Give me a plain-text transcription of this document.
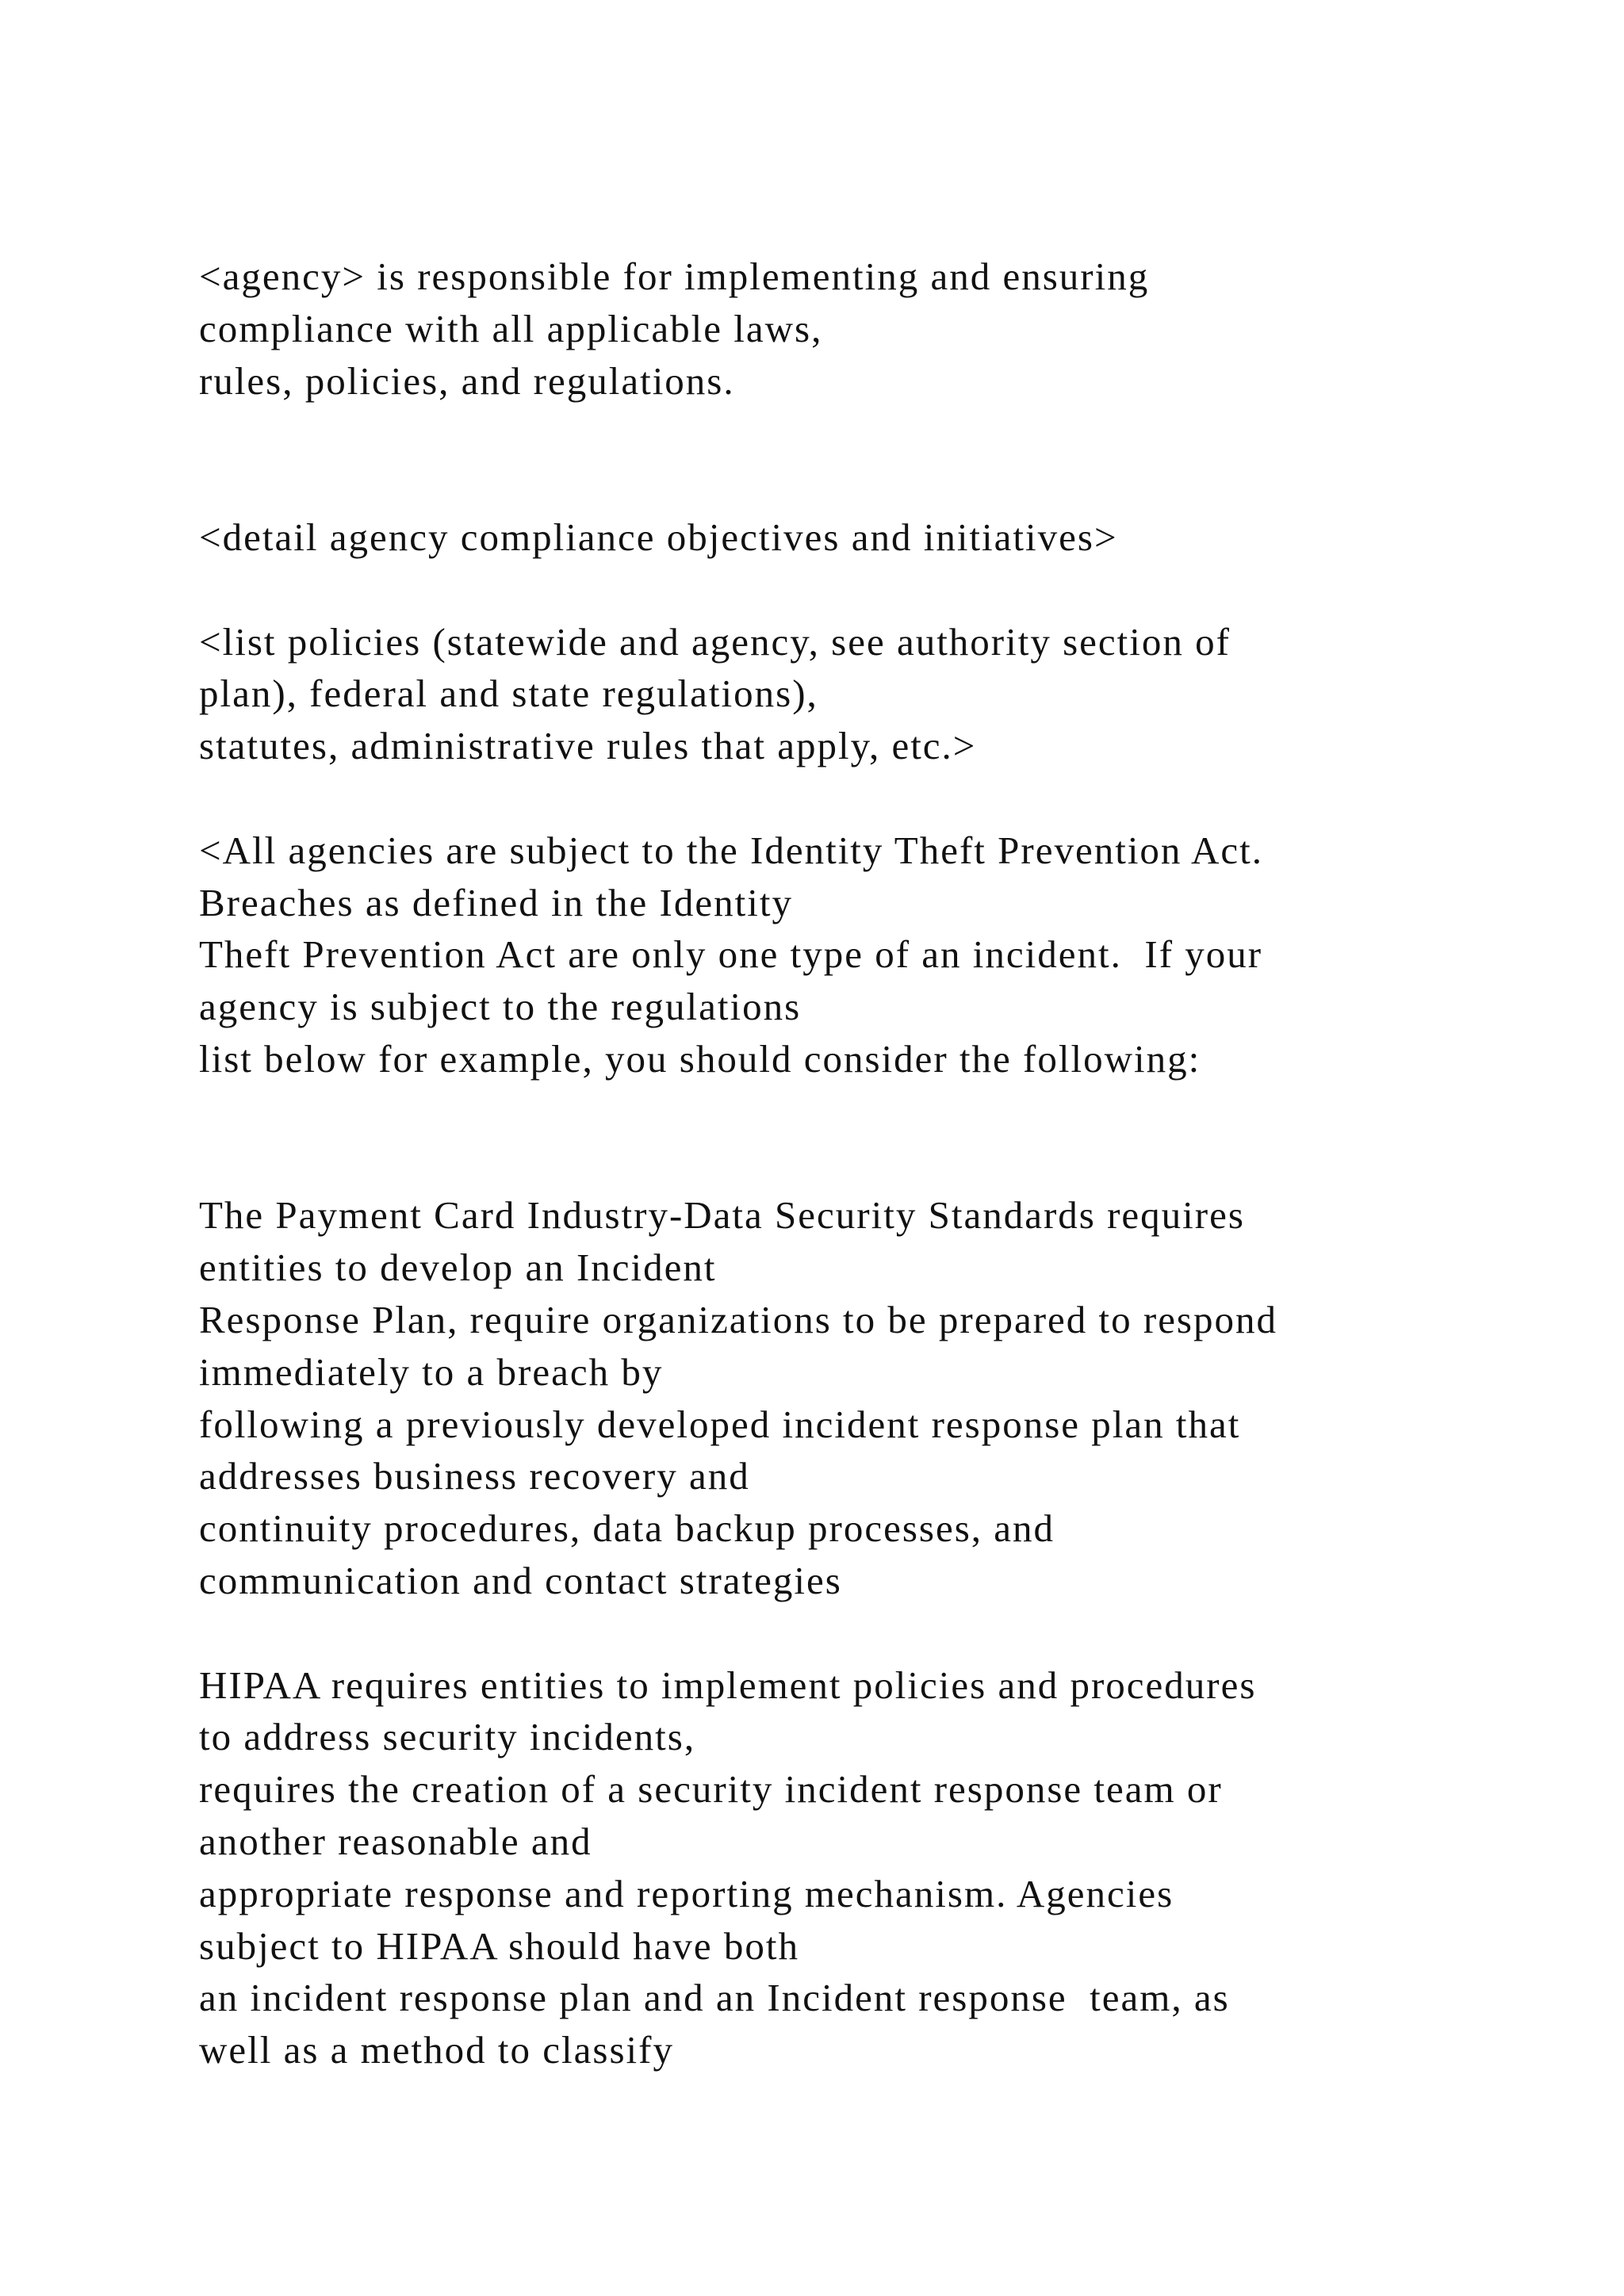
<agency> is responsible for implementing and ensuring
compliance with all applicable laws,
rules, policies, and regulations.
<detail agency compliance objectives and initiatives>
<list policies (statewide and agency, see authority section of
plan), federal and state regulations),
statutes, administrative rules that apply, etc.>
<All agencies are subject to the Identity Theft Prevention Act.
Breaches as defined in the Identity
Theft Prevention Act are only one type of an incident.  If your
agency is subject to the regulations
list below for example, you should consider the following:
The Payment Card Industry-Data Security Standards requires
entities to develop an Incident
Response Plan, require organizations to be prepared to respond
immediately to a breach by
following a previously developed incident response plan that
addresses business recovery and
continuity procedures, data backup processes, and
communication and contact strategies
HIPAA requires entities to implement policies and procedures
to address security incidents,
requires the creation of a security incident response team or
another reasonable and
appropriate response and reporting mechanism. Agencies
subject to HIPAA should have both
an incident response plan and an Incident response  team, as
well as a method to classify
